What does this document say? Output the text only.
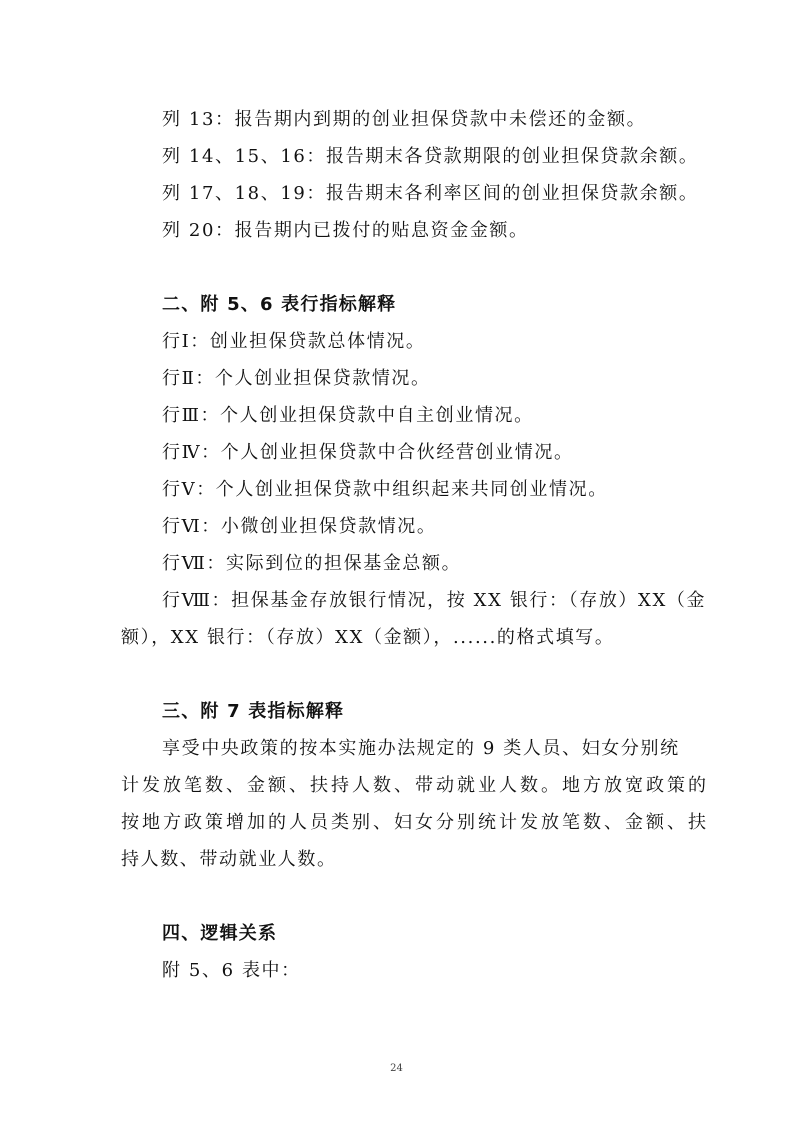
列 13：报告期内到期的创业担保贷款中未偿还的金额。
列 14、15、16：报告期末各贷款期限的创业担保贷款余额。
列 17、18、19：报告期末各利率区间的创业担保贷款余额。
列 20：报告期内已拨付的贴息资金金额。
二、附 5、6 表行指标解释
行Ⅰ：创业担保贷款总体情况。
行Ⅱ：个人创业担保贷款情况。
行Ⅲ：个人创业担保贷款中自主创业情况。
行Ⅳ：个人创业担保贷款中合伙经营创业情况。
行Ⅴ：个人创业担保贷款中组织起来共同创业情况。
行Ⅵ：小微创业担保贷款情况。
行Ⅶ：实际到位的担保基金总额。
行Ⅷ：担保基金存放银行情况，按 XX 银行：（存放）XX（金
额），XX 银行：（存放）XX（金额），......的格式填写。
三、附 7 表指标解释
享受中央政策的按本实施办法规定的 9 类人员、妇女分别统
计发放笔数、金额、扶持人数、带动就业人数。地方放宽政策的
按地方政策增加的人员类别、妇女分别统计发放笔数、金额、扶
持人数、带动就业人数。
四、逻辑关系
附 5、6 表中：
24
